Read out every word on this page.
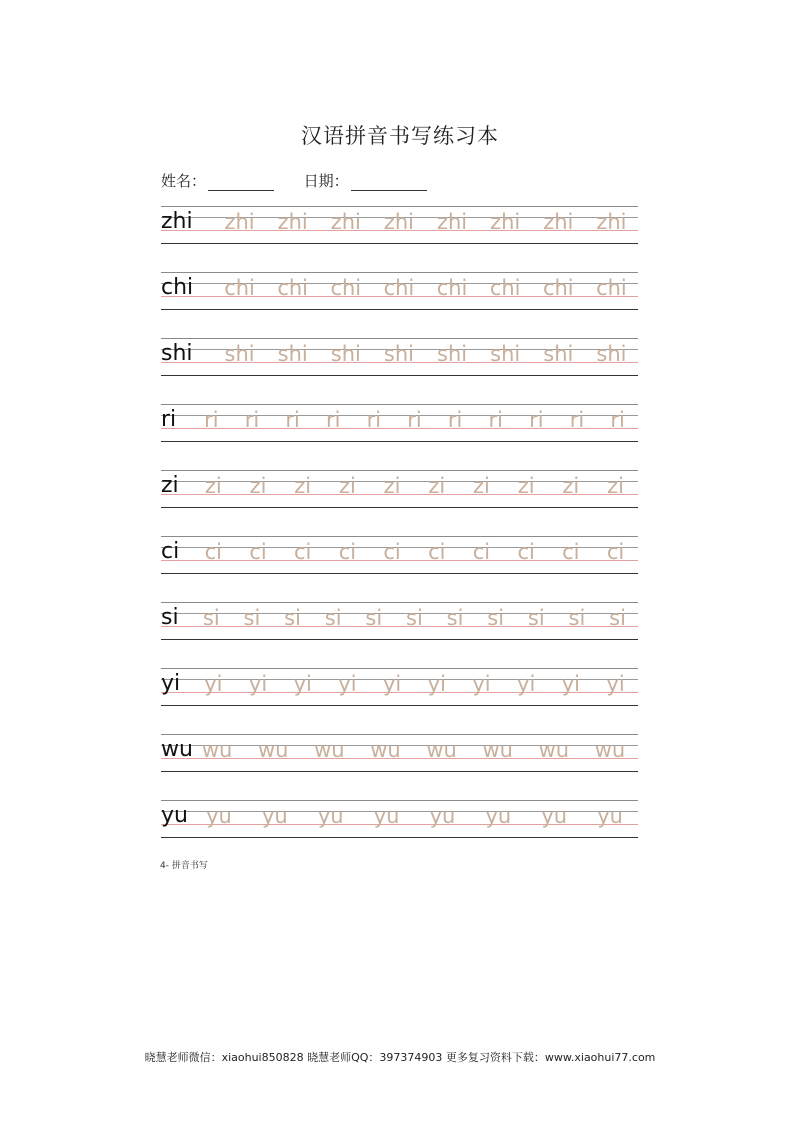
汉语拼音书写练习本
姓名：	日期：
zhi	zhi	zhi	zhi	zhi	zhi	zhi	zhi	zhi
chi	chi	chi	chi	chi	chi	chi	chi	chi
shi	shi	shi	shi	shi	shi	shi	shi	shi
ri	ri	ri	ri	ri	ri	ri	ri	ri	ri	ri	ri
zi	zi	zi	zi	zi	zi	zi	zi	zi	zi	zi
ci	ci	ci	ci	ci	ci	ci	ci	ci	ci	ci
si	si	si	si	si	si	si	si	si	si	si	si
yi	yi	yi	yi	yi	yi	yi	yi	yi	yi	yi
wu wu	wu	wu	wu	wu	wu	wu	wu
yu yu	yu	yu	yu	yu	yu	yu	yu
4- 拼音书写
晓慧老师微信：xiaohui850828 晓慧老师QQ：397374903 更多复习资料下载：www.xiaohui77.com
